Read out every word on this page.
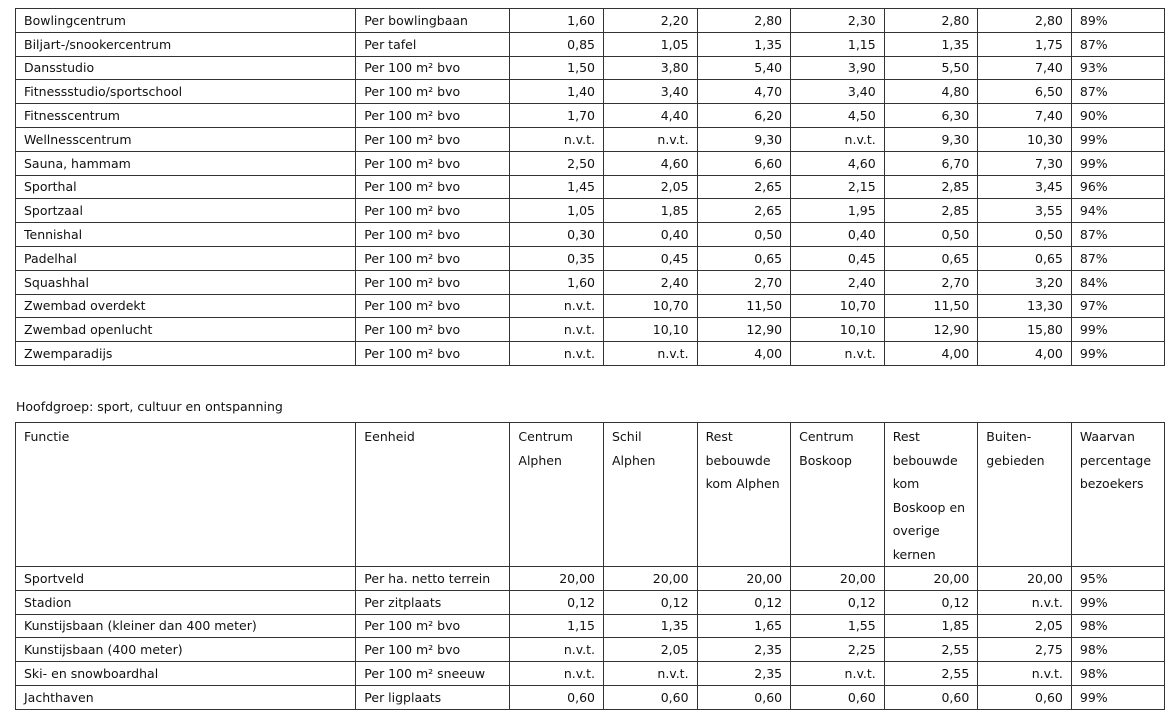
Bowlingcentrum	Per bowlingbaan	1,60	2,20	2,80	2,30	2,80	2,80	89%
Biljart-/snookercentrum	Per tafel	0,85	1,05	1,35	1,15	1,35	1,75	87%
Dansstudio	Per 100 m² bvo	1,50	3,80	5,40	3,90	5,50	7,40	93%
Fitnessstudio/sportschool	Per 100 m² bvo	1,40	3,40	4,70	3,40	4,80	6,50	87%
Fitnesscentrum	Per 100 m² bvo	1,70	4,40	6,20	4,50	6,30	7,40	90%
Wellnesscentrum	Per 100 m² bvo	n.v.t.	n.v.t.	9,30	n.v.t.	9,30	10,30	99%
Sauna, hammam	Per 100 m² bvo	2,50	4,60	6,60	4,60	6,70	7,30	99%
Sporthal	Per 100 m² bvo	1,45	2,05	2,65	2,15	2,85	3,45	96%
Sportzaal	Per 100 m² bvo	1,05	1,85	2,65	1,95	2,85	3,55	94%
Tennishal	Per 100 m² bvo	0,30	0,40	0,50	0,40	0,50	0,50	87%
Padelhal	Per 100 m² bvo	0,35	0,45	0,65	0,45	0,65	0,65	87%
Squashhal	Per 100 m² bvo	1,60	2,40	2,70	2,40	2,70	3,20	84%
Zwembad overdekt	Per 100 m² bvo	n.v.t.	10,70	11,50	10,70	11,50	13,30	97%
Zwembad openlucht	Per 100 m² bvo	n.v.t.	10,10	12,90	10,10	12,90	15,80	99%
Zwemparadijs	Per 100 m² bvo	n.v.t.	n.v.t.	4,00	n.v.t.	4,00	4,00	99%
Hoofdgroep: sport, cultuur en ontspanning
Functie	Eenheid	Centrum Alphen	Schil Alphen	Rest bebouwde kom Alphen	Centrum Boskoop	Rest bebouwde kom Boskoop en overige kernen	Buiten-gebieden	Waarvan percentage bezoekers
Sportveld	Per ha. netto terrein	20,00	20,00	20,00	20,00	20,00	20,00	95%
Stadion	Per zitplaats	0,12	0,12	0,12	0,12	0,12	n.v.t.	99%
Kunstijsbaan (kleiner dan 400 meter)	Per 100 m² bvo	1,15	1,35	1,65	1,55	1,85	2,05	98%
Kunstijsbaan (400 meter)	Per 100 m² bvo	n.v.t.	2,05	2,35	2,25	2,55	2,75	98%
Ski- en snowboardhal	Per 100 m² sneeuw	n.v.t.	n.v.t.	2,35	n.v.t.	2,55	n.v.t.	98%
Jachthaven	Per ligplaats	0,60	0,60	0,60	0,60	0,60	0,60	99%
